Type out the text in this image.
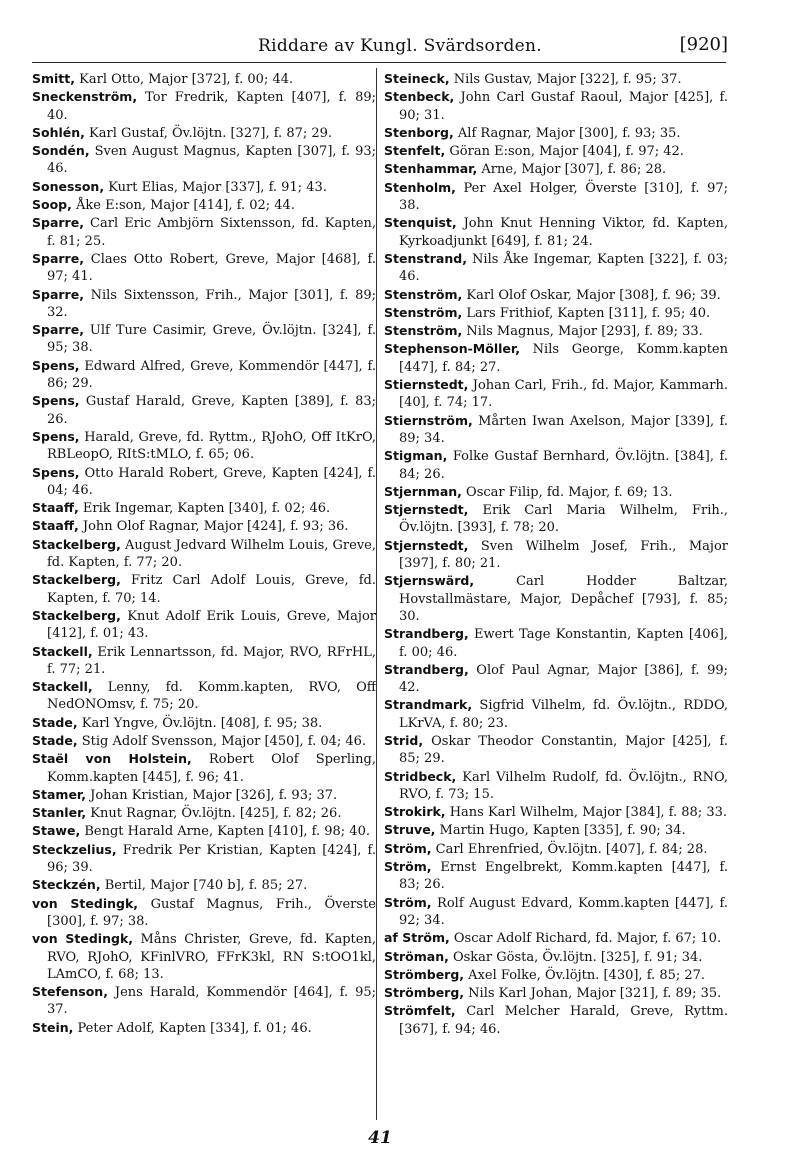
Riddare av Kungl. Svärdsorden.	[920]

Smitt, Karl Otto, Major [372], f. 00; 44.

Sneckenström, Tor Fredrik, Kapten [407], f. 89; 40.

Sohlén, Karl Gustaf, Öv.löjtn. [327], f. 87; 29.

Sondén, Sven August Magnus, Kapten [307], f. 93; 46.

Sonesson, Kurt Elias, Major [337], f. 91; 43.

Soop, Åke E:son, Major [414], f. 02; 44.

Sparre, Carl Eric Ambjörn Sixtensson, fd. Kapten, f. 81; 25.

Sparre, Claes Otto Robert, Greve, Major [468], f. 97; 41.

Sparre, Nils Sixtensson, Frih., Major [301], f. 89; 32.

Sparre, Ulf Ture Casimir, Greve, Öv.löjtn. [324], f. 95; 38.

Spens, Edward Alfred, Greve, Kommendör [447], f. 86; 29.

Spens, Gustaf Harald, Greve, Kapten [389], f. 83; 26.

Spens, Harald, Greve, fd. Ryttm., RJohO, Off ItKrO, RBLeopO, RItS:tMLO, f. 65; 06.

Spens, Otto Harald Robert, Greve, Kapten [424], f. 04; 46.

Staaff, Erik Ingemar, Kapten [340], f. 02; 46.

Staaff, John Olof Ragnar, Major [424], f. 93; 36.

Stackelberg, August Jedvard Wilhelm Louis, Greve, fd. Kapten, f. 77; 20.

Stackelberg, Fritz Carl Adolf Louis, Greve, fd. Kapten, f. 70; 14.

Stackelberg, Knut Adolf Erik Louis, Greve, Major [412], f. 01; 43.

Stackell, Erik Lennartsson, fd. Major, RVO, RFrHL, f. 77; 21.

Stackell, Lenny, fd. Komm.kapten, RVO, Off NedONOmsv, f. 75; 20.

Stade, Karl Yngve, Öv.löjtn. [408], f. 95; 38.

Stade, Stig Adolf Svensson, Major [450], f. 04; 46.

Staël von Holstein, Robert Olof Sperling, Komm.kapten [445], f. 96; 41.

Stamer, Johan Kristian, Major [326], f. 93; 37.

Stanler, Knut Ragnar, Öv.löjtn. [425], f. 82; 26.

Stawe, Bengt Harald Arne, Kapten [410], f. 98; 40.

Steckzelius, Fredrik Per Kristian, Kapten [424], f. 96; 39.

Steckzén, Bertil, Major [740 b], f. 85; 27.

von Stedingk, Gustaf Magnus, Frih., Överste [300], f. 97; 38.

von Stedingk, Måns Christer, Greve, fd. Kapten, RVO, RJohO, KFinlVRO, FFrK3kl, RN S:tOO1kl, LAmCO, f. 68; 13.

Stefenson, Jens Harald, Kommendör [464], f. 95; 37.

Stein, Peter Adolf, Kapten [334], f. 01; 46.

Steineck, Nils Gustav, Major [322], f. 95; 37.

Stenbeck, John Carl Gustaf Raoul, Major [425], f. 90; 31.

Stenborg, Alf Ragnar, Major [300], f. 93; 35.

Stenfelt, Göran E:son, Major [404], f. 97; 42.

Stenhammar, Arne, Major [307], f. 86; 28.

Stenholm, Per Axel Holger, Överste [310], f. 97; 38.

Stenquist, John Knut Henning Viktor, fd. Kapten, Kyrkoadjunkt [649], f. 81; 24.

Stenstrand, Nils Åke Ingemar, Kapten [322], f. 03; 46.

Stenström, Karl Olof Oskar, Major [308], f. 96; 39.

Stenström, Lars Frithiof, Kapten [311], f. 95; 40.

Stenström, Nils Magnus, Major [293], f. 89; 33.

Stephenson-Möller, Nils George, Komm.kapten [447], f. 84; 27.

Stiernstedt, Johan Carl, Frih., fd. Major, Kammarh. [40], f. 74; 17.

Stiernström, Mårten Iwan Axelson, Major [339], f. 89; 34.

Stigman, Folke Gustaf Bernhard, Öv.löjtn. [384], f. 84; 26.

Stjernman, Oscar Filip, fd. Major, f. 69; 13.

Stjernstedt, Erik Carl Maria Wilhelm, Frih., Öv.löjtn. [393], f. 78; 20.

Stjernstedt, Sven Wilhelm Josef, Frih., Major [397], f. 80; 21.

Stjernswärd, Carl Hodder Baltzar, Hovstallmästare, Major, Depåchef [793], f. 85; 30.

Strandberg, Ewert Tage Konstantin, Kapten [406], f. 00; 46.

Strandberg, Olof Paul Agnar, Major [386], f. 99; 42.

Strandmark, Sigfrid Vilhelm, fd. Öv.löjtn., RDDO, LKrVA, f. 80; 23.

Strid, Oskar Theodor Constantin, Major [425], f. 85; 29.

Stridbeck, Karl Vilhelm Rudolf, fd. Öv.löjtn., RNO, RVO, f. 73; 15.

Strokirk, Hans Karl Wilhelm, Major [384], f. 88; 33.

Struve, Martin Hugo, Kapten [335], f. 90; 34.

Ström, Carl Ehrenfried, Öv.löjtn. [407], f. 84; 28.

Ström, Ernst Engelbrekt, Komm.kapten [447], f. 83; 26.

Ström, Rolf August Edvard, Komm.kapten [447], f. 92; 34.

af Ström, Oscar Adolf Richard, fd. Major, f. 67; 10.

Ströman, Oskar Gösta, Öv.löjtn. [325], f. 91; 34.

Strömberg, Axel Folke, Öv.löjtn. [430], f. 85; 27.

Strömberg, Nils Karl Johan, Major [321], f. 89; 35.

Strömfelt, Carl Melcher Harald, Greve, Ryttm. [367], f. 94; 46.

41
